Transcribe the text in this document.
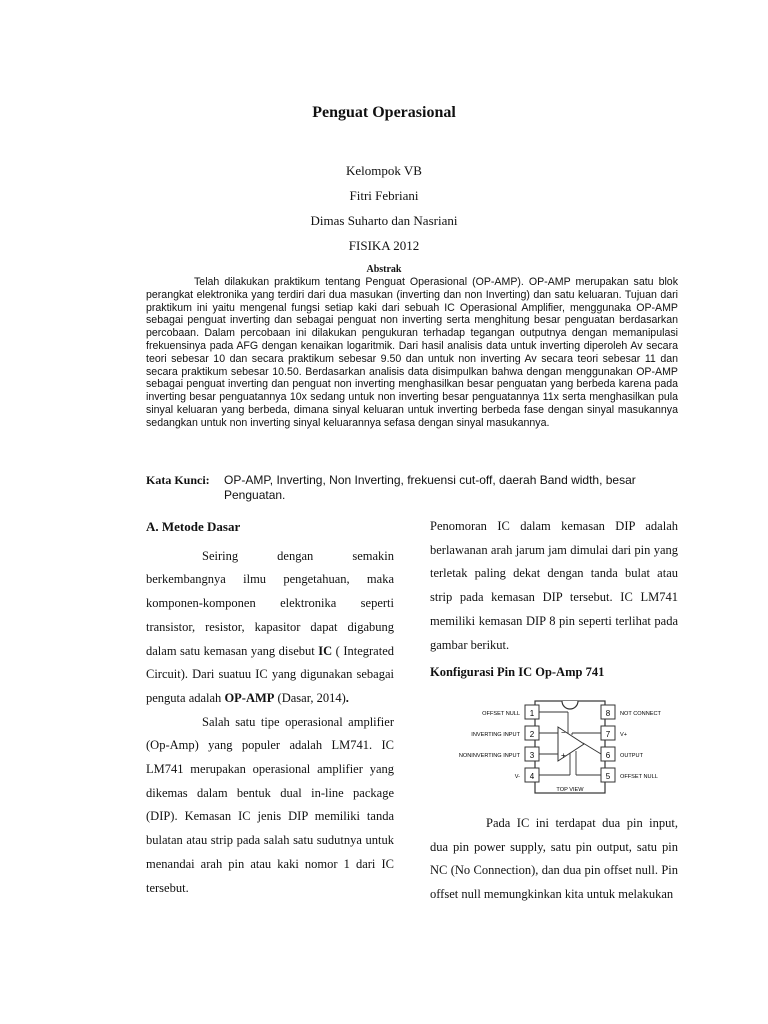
Penguat Operasional
Kelompok VB
Fitri Febriani
Dimas Suharto dan Nasriani
FISIKA 2012
Abstrak

Telah dilakukan praktikum tentang Penguat Operasional (OP-AMP). OP-AMP merupakan satu blok perangkat elektronika yang terdiri dari dua masukan (inverting dan non Inverting) dan satu keluaran. Tujuan dari praktikum ini yaitu mengenal fungsi setiap kaki dari sebuah IC Operasional Amplifier, menggunaka OP-AMP sebagai penguat inverting dan sebagai penguat non inverting serta menghitung besar penguatan berdasarkan percobaan. Dalam percobaan ini dilakukan pengukuran terhadap tegangan outputnya dengan memanipulasi frekuensinya pada AFG dengan kenaikan logaritmik. Dari hasil analisis data untuk inverting diperoleh Av secara teori sebesar 10 dan secara praktikum sebesar 9.50 dan untuk non inverting Av secara teori sebesar 11 dan secara praktikum sebesar 10.50. Berdasarkan analisis data disimpulkan bahwa dengan menggunakan OP-AMP sebagai penguat inverting dan penguat non inverting menghasilkan besar penguatan yang berbeda karena pada inverting besar penguatannya 10x sedang untuk non inverting besar penguatannya 11x serta menghasilkan pula sinyal keluaran yang berbeda, dimana sinyal keluaran untuk inverting berbeda fase dengan sinyal masukannya sedangkan untuk non inverting sinyal keluarannya sefasa dengan sinyal masukannya.

Kata Kunci:	OP-AMP, Inverting, Non Inverting, frekuensi cut-off, daerah Band width, besar Penguatan.

A. Metode Dasar

Seiring dengan semakin berkembangnya ilmu pengetahuan, maka komponen-komponen elektronika seperti transistor, resistor, kapasitor dapat digabung dalam satu kemasan yang disebut IC ( Integrated Circuit). Dari suatuu IC yang digunakan sebagai penguta adalah OP-AMP (Dasar, 2014).

Salah satu tipe operasional amplifier (Op-Amp) yang populer adalah LM741. IC LM741 merupakan operasional amplifier yang dikemas dalam bentuk dual in-line package (DIP). Kemasan IC jenis DIP memiliki tanda bulatan atau strip pada salah satu sudutnya untuk menandai arah pin atau kaki nomor 1 dari IC tersebut.

Penomoran IC dalam kemasan DIP adalah berlawanan arah jarum jam dimulai dari pin yang terletak paling dekat dengan tanda bulat atau strip pada kemasan DIP tersebut. IC LM741 memiliki kemasan DIP 8 pin seperti terlihat pada gambar berikut.

Konfigurasi Pin IC Op-Amp 741

1
2
3
4
8
7
6
5
OFFSET NULL
INVERTING INPUT
NONINVERTING INPUT
V-
NOT CONNECT
V+
OUTPUT
OFFSET NULL
−
+
TOP VIEW

Pada IC ini terdapat dua pin input, dua pin power supply, satu pin output, satu pin NC (No Connection), dan dua pin offset null. Pin offset null memungkinkan kita untuk melakukan
